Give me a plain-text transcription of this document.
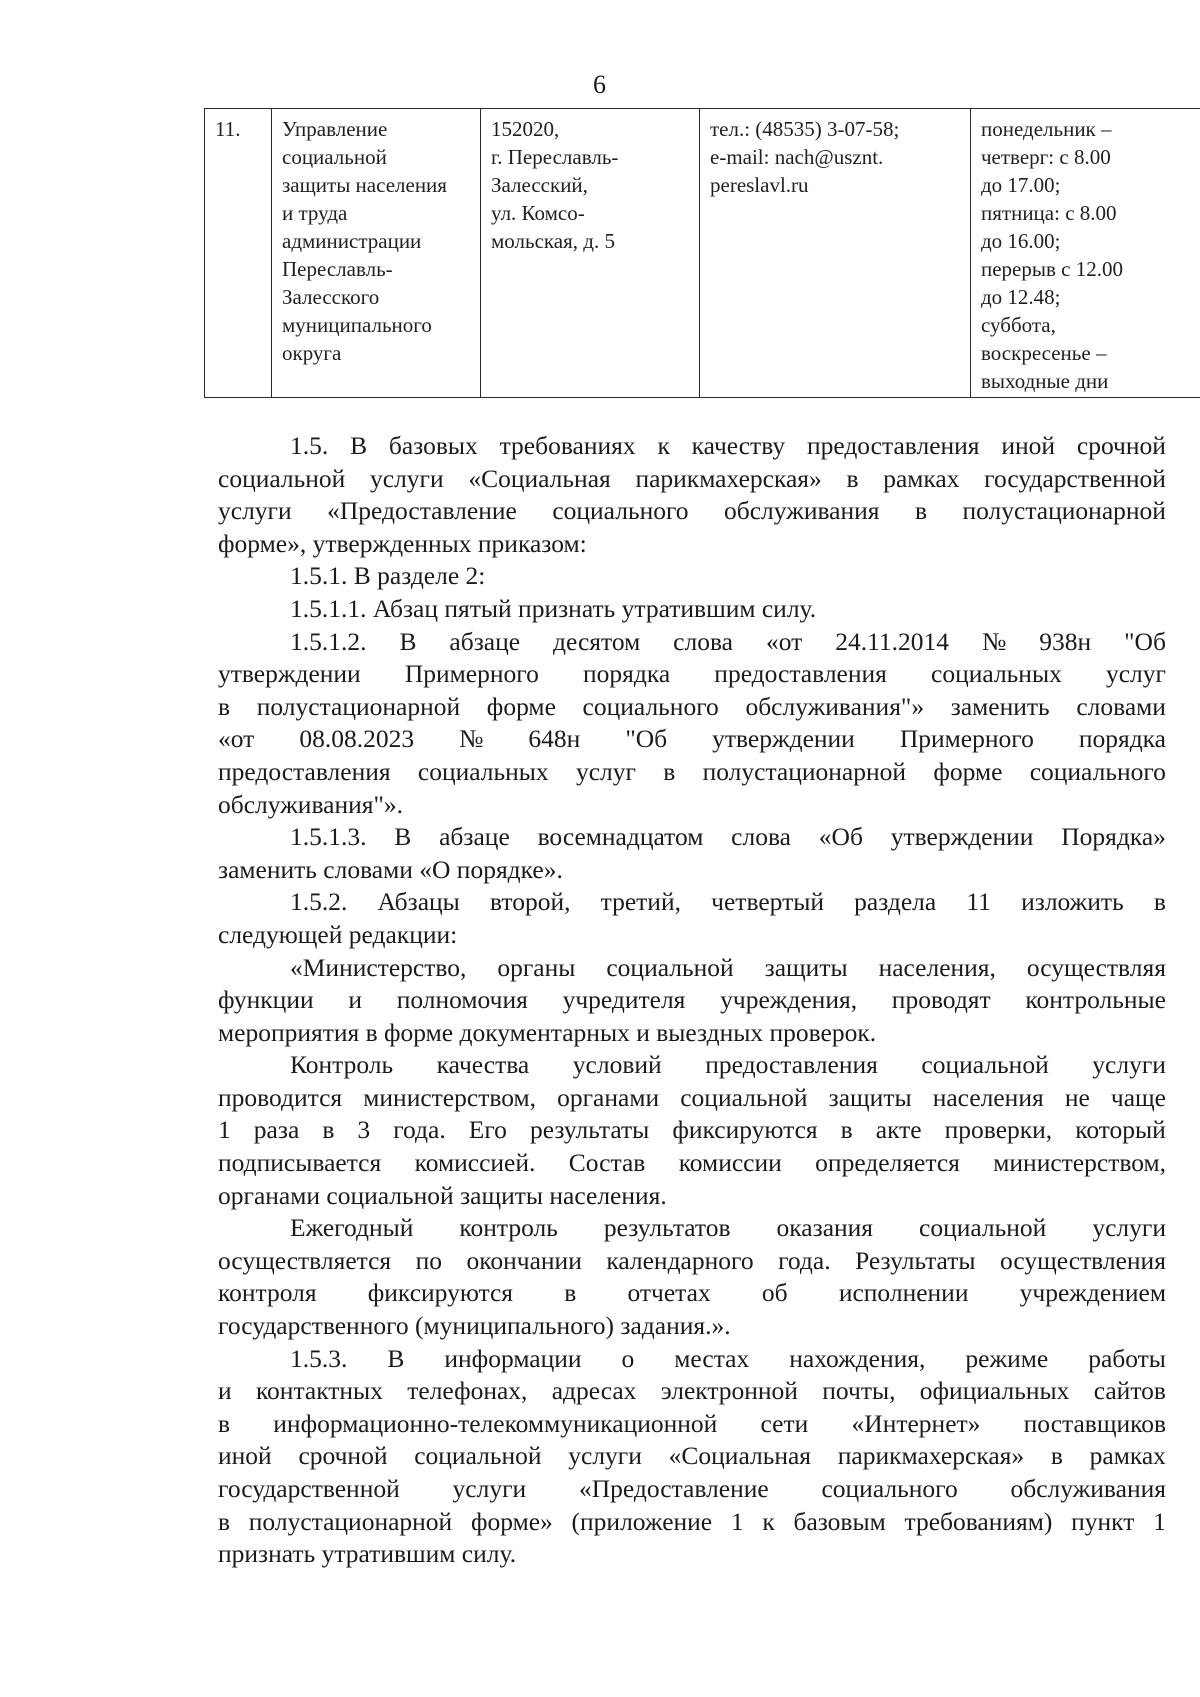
6
11.	Управление
социальной
защиты населения
и труда
администрации
Переславль-
Залесского
муниципального
округа

152020,
г. Переславль-
Залесский,
ул. Комсо-
мольская, д. 5

тел.: (48535) 3-07-58;
e-mail: nach@usznt.
pereslavl.ru

понедельник –
четверг: с 8.00
до 17.00;
пятница: с 8.00
до 16.00;
перерыв с 12.00
до 12.48;
суббота,
воскресенье –
выходные дни
1.5. В базовых требованиях к качеству предоставления иной срочной
социальной услуги «Социальная парикмахерская» в рамках государственной
услуги «Предоставление социального обслуживания в полустационарной
форме», утвержденных приказом:
1.5.1. В разделе 2:
1.5.1.1. Абзац пятый признать утратившим силу.
1.5.1.2. В абзаце десятом слова «от 24.11.2014 № 938н "Об
утверждении Примерного порядка предоставления социальных услуг
в полустационарной форме социального обслуживания"» заменить словами
«от 08.08.2023 № 648н "Об утверждении Примерного порядка
предоставления социальных услуг в полустационарной форме социального
обслуживания"».
1.5.1.3. В абзаце восемнадцатом слова «Об утверждении Порядка»
заменить словами «О порядке».
1.5.2. Абзацы второй, третий, четвертый раздела 11 изложить в
следующей редакции:
«Министерство, органы социальной защиты населения, осуществляя
функции и полномочия учредителя учреждения, проводят контрольные
мероприятия в форме документарных и выездных проверок.
Контроль качества условий предоставления социальной услуги
проводится министерством, органами социальной защиты населения не чаще
1 раза в 3 года. Его результаты фиксируются в акте проверки, который
подписывается комиссией. Состав комиссии определяется министерством,
органами социальной защиты населения.
Ежегодный контроль результатов оказания социальной услуги
осуществляется по окончании календарного года. Результаты осуществления
контроля фиксируются в отчетах об исполнении учреждением
государственного (муниципального) задания.».
1.5.3. В информации о местах нахождения, режиме работы
и контактных телефонах, адресах электронной почты, официальных сайтов
в информационно-телекоммуникационной сети «Интернет» поставщиков
иной срочной социальной услуги «Социальная парикмахерская» в рамках
государственной услуги «Предоставление социального обслуживания
в полустационарной форме» (приложение 1 к базовым требованиям) пункт 1
признать утратившим силу.
